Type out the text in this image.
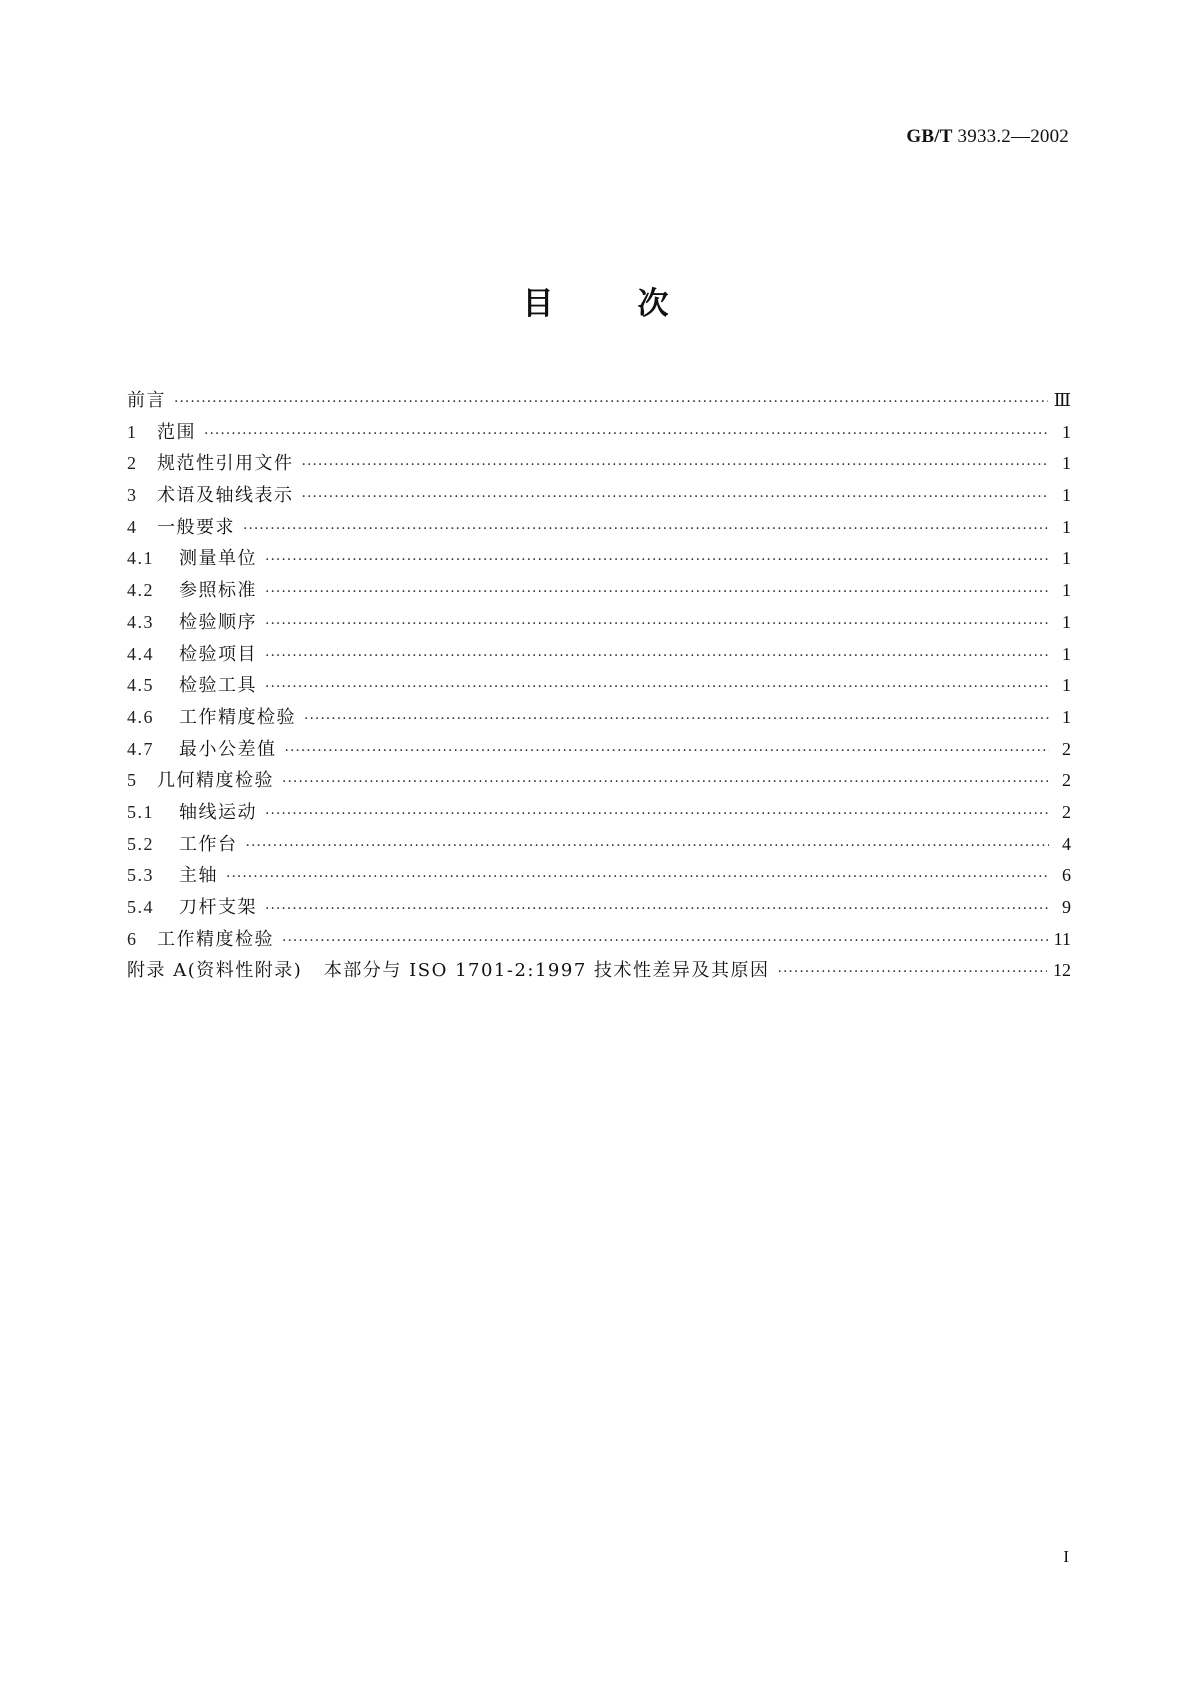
GB/T 3933.2—2002
目次
前言 ·····	Ⅲ
1 范围 ·····	1
2 规范性引用文件 ·····	1
3 术语及轴线表示 ·····	1
4 一般要求 ·····	1
4.1 测量单位 ·····	1
4.2 参照标准 ·····	1
4.3 检验顺序 ·····	1
4.4 检验项目 ·····	1
4.5 检验工具 ·····	1
4.6 工作精度检验 ·····	1
4.7 最小公差值 ·····	2
5 几何精度检验 ·····	2
5.1 轴线运动 ·····	2
5.2 工作台 ·····	4
5.3 主轴 ·····	6
5.4 刀杆支架 ·····	9
6 工作精度检验 ·····	11
附录 A(资料性附录)   本部分与 ISO 1701-2:1997 技术性差异及其原因 ·····	12
I
